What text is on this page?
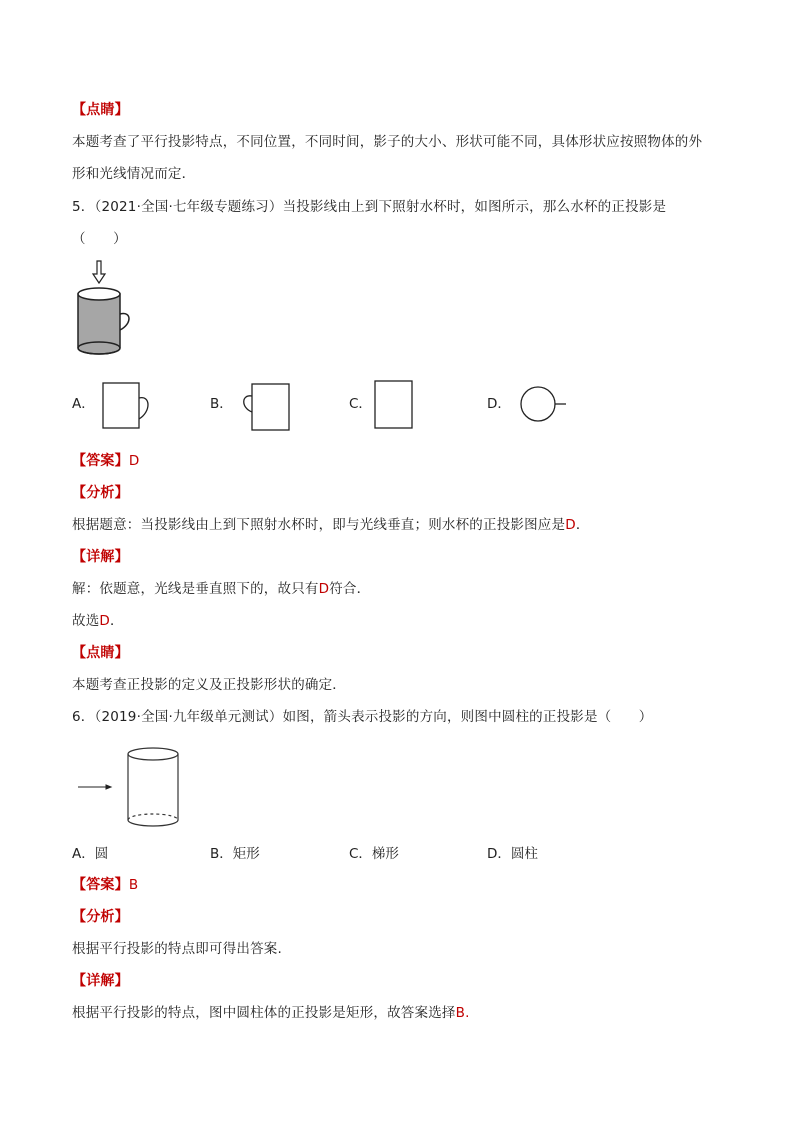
【点睛】
本题考查了平行投影特点，不同位置，不同时间，影子的大小、形状可能不同，具体形状应按照物体的外
形和光线情况而定．
5．（2021·全国·七年级专题练习）当投影线由上到下照射水杯时，如图所示，那么水杯的正投影是
（　　）
A．	B．	C．	D．
【答案】D
【分析】
根据题意：当投影线由上到下照射水杯时，即与光线垂直；则水杯的正投影图应是D．
【详解】
解：依题意，光线是垂直照下的，故只有D符合．
故选D．
【点睛】
本题考查正投影的定义及正投影形状的确定．
6．（2019·全国·九年级单元测试）如图，箭头表示投影的方向，则图中圆柱的正投影是（　　）
A．圆	B．矩形	C．梯形	D．圆柱
【答案】B
【分析】
根据平行投影的特点即可得出答案.
【详解】
根据平行投影的特点，图中圆柱体的正投影是矩形，故答案选择B.
